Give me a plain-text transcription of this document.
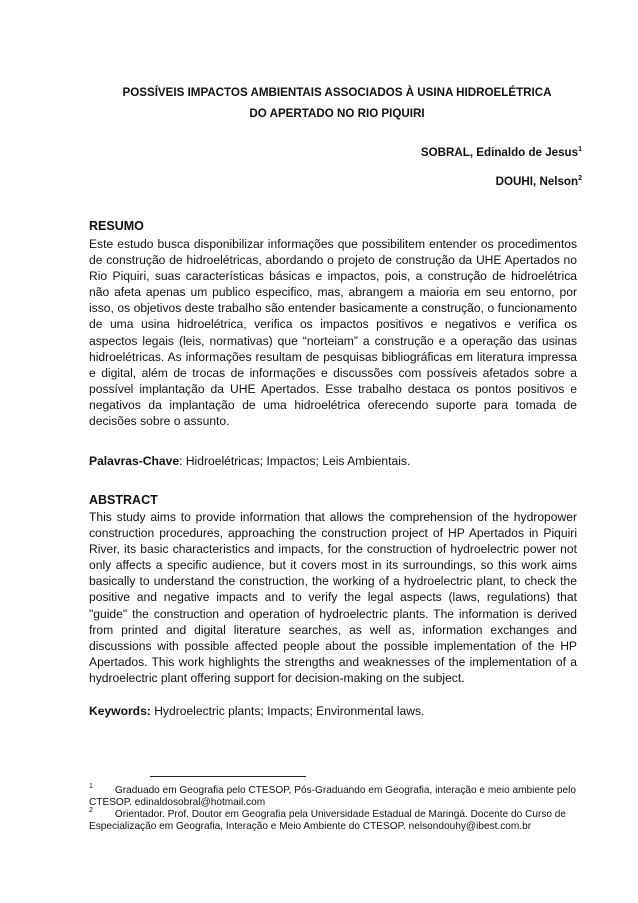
POSSÍVEIS IMPACTOS AMBIENTAIS ASSOCIADOS À USINA HIDROELÉTRICA
DO APERTADO NO RIO PIQUIRI
SOBRAL, Edinaldo de Jesus$^1$
DOUHI, Nelson$^2$
RESUMO

Este estudo busca disponibilizar informações que possibilitem entender os procedimentos de construção de hidroelétricas, abordando o projeto de construção da UHE Apertados no Rio Piquiri, suas características básicas e impactos, pois, a construção de hidroelétrica não afeta apenas um publico especifico, mas, abrangem a maioria em seu entorno, por isso, os objetivos deste trabalho são entender basicamente a construção, o funcionamento de uma usina hidroelétrica, verifica os impactos positivos e negativos e verifica os aspectos legais (leis, normativas) que “norteiam” a construção e a operação das usinas hidroelétricas. As informações resultam de pesquisas bibliográficas em literatura impressa e digital, além de trocas de informações e discussões com possíveis afetados sobre a possível implantação da UHE Apertados. Esse trabalho destaca os pontos positivos e negativos da implantação de uma hidroelétrica oferecendo suporte para tomada de decisões sobre o assunto.

Palavras-Chave: Hidroelétricas; Impactos; Leis Ambientais.

ABSTRACT

This study aims to provide information that allows the comprehension of the hydropower construction procedures, approaching the construction project of HP Apertados in Piquiri River, its basic characteristics and impacts, for the construction of hydroelectric power not only affects a specific audience, but it covers most in its surroundings, so this work aims basically to understand the construction, the working of a hydroelectric plant, to check the positive and negative impacts and to verify the legal aspects (laws, regulations) that "guide" the construction and operation of hydroelectric plants. The information is derived from printed and digital literature searches, as well as, information exchanges and discussions with possible affected people about the possible implementation of the HP Apertados. This work highlights the strengths and weaknesses of the implementation of a hydroelectric plant offering support for decision-making on the subject.

Keywords: Hydroelectric plants; Impacts; Environmental laws.

$^1$ Graduado em Geografia pelo CTESOP, Pós-Graduando em Geografia, interação e meio ambiente pelo CTESOP. edinaldosobral@hotmail.com

$^2$ Orientador. Prof. Doutor em Geografia pela Universidade Estadual de Maringá. Docente do Curso de Especialização em Geografia, Interação e Meio Ambiente do CTESOP. nelsondouhy@ibest.com.br
